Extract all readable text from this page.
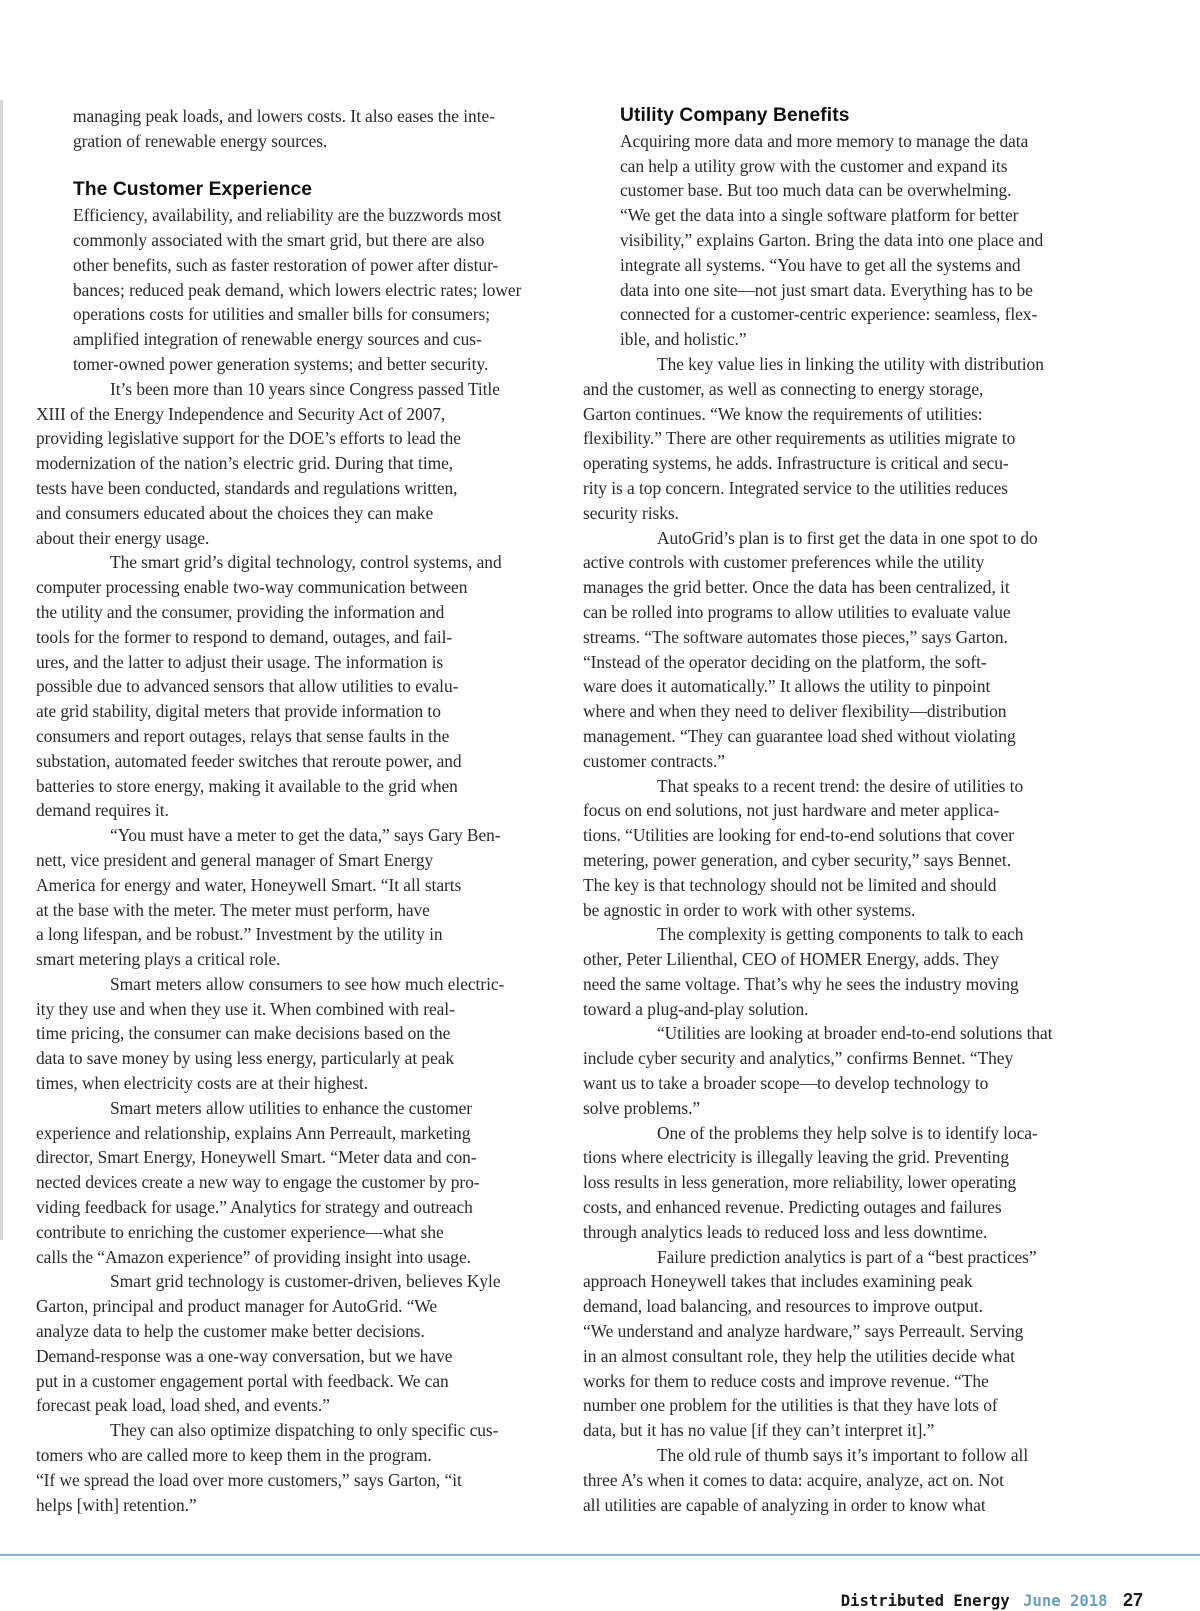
managing peak loads, and lowers costs. It also eases the inte-
gration of renewable energy sources.

The Customer Experience

Efficiency, availability, and reliability are the buzzwords most
commonly associated with the smart grid, but there are also
other benefits, such as faster restoration of power after distur-
bances; reduced peak demand, which lowers electric rates; lower
operations costs for utilities and smaller bills for consumers;
amplified integration of renewable energy sources and cus-
tomer-owned power generation systems; and better security.

It’s been more than 10 years since Congress passed Title
XIII of the Energy Independence and Security Act of 2007,
providing legislative support for the DOE’s efforts to lead the
modernization of the nation’s electric grid. During that time,
tests have been conducted, standards and regulations written,
and consumers educated about the choices they can make
about their energy usage.

The smart grid’s digital technology, control systems, and
computer processing enable two-way communication between
the utility and the consumer, providing the information and
tools for the former to respond to demand, outages, and fail-
ures, and the latter to adjust their usage. The information is
possible due to advanced sensors that allow utilities to evalu-
ate grid stability, digital meters that provide information to
consumers and report outages, relays that sense faults in the
substation, automated feeder switches that reroute power, and
batteries to store energy, making it available to the grid when
demand requires it.

“You must have a meter to get the data,” says Gary Ben-
nett, vice president and general manager of Smart Energy
America for energy and water, Honeywell Smart. “It all starts
at the base with the meter. The meter must perform, have
a long lifespan, and be robust.” Investment by the utility in
smart metering plays a critical role.

Smart meters allow consumers to see how much electric-
ity they use and when they use it. When combined with real-
time pricing, the consumer can make decisions based on the
data to save money by using less energy, particularly at peak
times, when electricity costs are at their highest.

Smart meters allow utilities to enhance the customer
experience and relationship, explains Ann Perreault, marketing
director, Smart Energy, Honeywell Smart. “Meter data and con-
nected devices create a new way to engage the customer by pro-
viding feedback for usage.” Analytics for strategy and outreach
contribute to enriching the customer experience—what she
calls the “Amazon experience” of providing insight into usage.

Smart grid technology is customer-driven, believes Kyle
Garton, principal and product manager for AutoGrid. “We
analyze data to help the customer make better decisions.
Demand-response was a one-way conversation, but we have
put in a customer engagement portal with feedback. We can
forecast peak load, load shed, and events.”

They can also optimize dispatching to only specific cus-
tomers who are called more to keep them in the program.
“If we spread the load over more customers,” says Garton, “it
helps [with] retention.”

Utility Company Benefits

Acquiring more data and more memory to manage the data
can help a utility grow with the customer and expand its
customer base. But too much data can be overwhelming.
“We get the data into a single software platform for better
visibility,” explains Garton. Bring the data into one place and
integrate all systems. “You have to get all the systems and
data into one site—not just smart data. Everything has to be
connected for a customer-centric experience: seamless, flex-
ible, and holistic.”

The key value lies in linking the utility with distribution
and the customer, as well as connecting to energy storage,
Garton continues. “We know the requirements of utilities:
flexibility.” There are other requirements as utilities migrate to
operating systems, he adds. Infrastructure is critical and secu-
rity is a top concern. Integrated service to the utilities reduces
security risks.

AutoGrid’s plan is to first get the data in one spot to do
active controls with customer preferences while the utility
manages the grid better. Once the data has been centralized, it
can be rolled into programs to allow utilities to evaluate value
streams. “The software automates those pieces,” says Garton.
“Instead of the operator deciding on the platform, the soft-
ware does it automatically.” It allows the utility to pinpoint
where and when they need to deliver flexibility—distribution
management. “They can guarantee load shed without violating
customer contracts.”

That speaks to a recent trend: the desire of utilities to
focus on end solutions, not just hardware and meter applica-
tions. “Utilities are looking for end-to-end solutions that cover
metering, power generation, and cyber security,” says Bennet.
The key is that technology should not be limited and should
be agnostic in order to work with other systems.

The complexity is getting components to talk to each
other, Peter Lilienthal, CEO of HOMER Energy, adds. They
need the same voltage. That’s why he sees the industry moving
toward a plug-and-play solution.

“Utilities are looking at broader end-to-end solutions that
include cyber security and analytics,” confirms Bennet. “They
want us to take a broader scope—to develop technology to
solve problems.”

One of the problems they help solve is to identify loca-
tions where electricity is illegally leaving the grid. Preventing
loss results in less generation, more reliability, lower operating
costs, and enhanced revenue. Predicting outages and failures
through analytics leads to reduced loss and less downtime.

Failure prediction analytics is part of a “best practices”
approach Honeywell takes that includes examining peak
demand, load balancing, and resources to improve output.
“We understand and analyze hardware,” says Perreault. Serving
in an almost consultant role, they help the utilities decide what
works for them to reduce costs and improve revenue. “The
number one problem for the utilities is that they have lots of
data, but it has no value [if they can’t interpret it].”

The old rule of thumb says it’s important to follow all
three A’s when it comes to data: acquire, analyze, act on. Not
all utilities are capable of analyzing in order to know what

Distributed Energy June 2018 27
